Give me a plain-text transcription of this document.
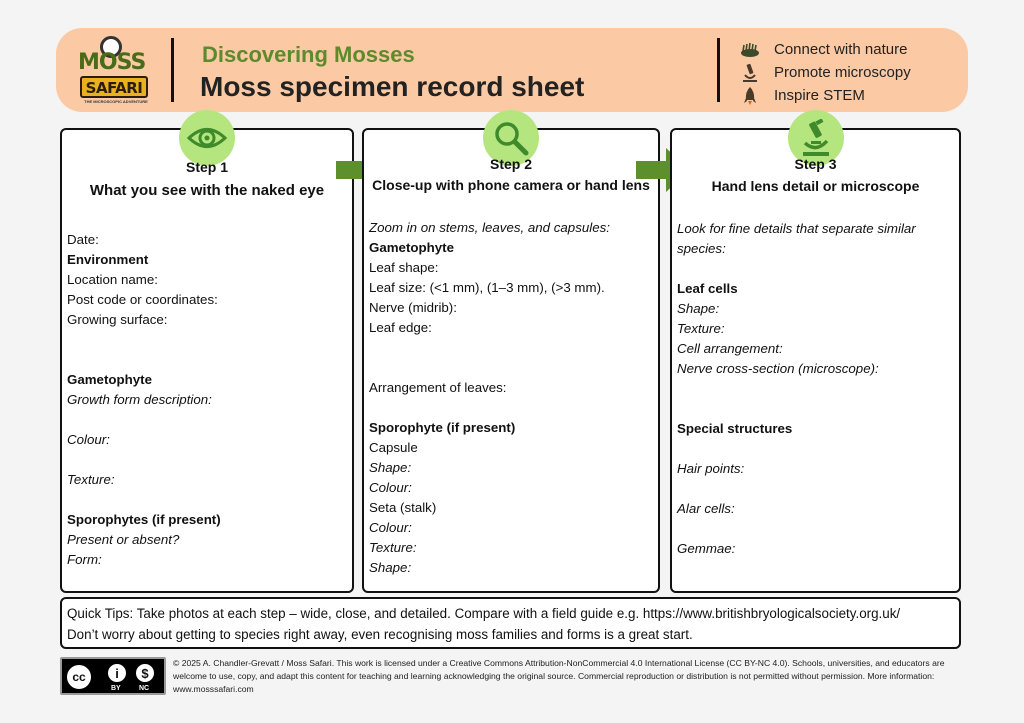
MOSS
SAFARI
THE MICROSCOPIC ADVENTURE
Discovering Mosses
Moss specimen record sheet
Connect with nature
Promote microscopy
Inspire STEM
Step 1
What you see with the naked eye
Date:
Environment
Location name:
Post code or coordinates:
Growing surface:
Gametophyte
Growth form description:
Colour:
Texture:
Sporophytes (if present)
Present or absent?
Form:
Step 2
Close-up with phone camera or hand lens
Zoom in on stems, leaves, and capsules:
Gametophyte
Leaf shape:
Leaf size: (<1 mm), (1–3 mm), (>3 mm).
Nerve (midrib):
Leaf edge:
Arrangement of leaves:
Sporophyte (if present)
Capsule
Shape:
Colour:
Seta (stalk)
Colour:
Texture:
Shape:
Step 3
Hand lens detail or microscope
Look for fine details that separate similar species:
Leaf cells
Shape:
Texture:
Cell arrangement:
Nerve cross-section (microscope):
Special structures
Hair points:
Alar cells:
Gemmae:
Quick Tips: Take photos at each step – wide, close, and detailed. Compare with a field guide e.g. https://www.britishbryologicalsociety.org.uk/
Don’t worry about getting to species right away, even recognising moss families and forms is a great start.
cc	i	$
BY	NC
© 2025 A. Chandler-Grevatt / Moss Safari. This work is licensed under a Creative Commons Attribution-NonCommercial 4.0 International License (CC BY-NC 4.0). Schools, universities, and educators are welcome to use, copy, and adapt this content for teaching and learning acknowledging the original source. Commercial reproduction or distribution is not permitted without permission. More information: www.mosssafari.com
